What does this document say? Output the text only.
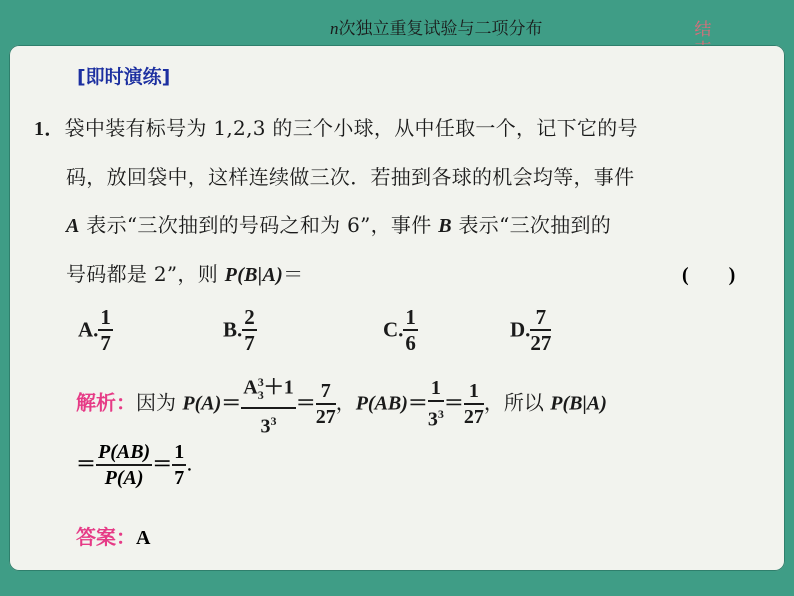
n次独立重复试验与二项分布	结
[即时演练]
1．袋中装有标号为 1,2,3 的三个小球，从中任取一个，记下它的号
码，放回袋中，这样连续做三次．若抽到各球的机会均等，事件
A 表示“三次抽到的号码之和为 6”，事件 B 表示“三次抽到的
号码都是 2”，则 P(B|A)＝	(　　)
A. $\frac{1}{7}$	B. $\frac{2}{7}$	C. $\frac{1}{6}$	D. $\frac{7}{27}$
解析：因为 $P(A)= \frac{A^3_3+1}{3^3} = \frac{7}{27}$ ，$P(AB)= \frac{1}{3^3} = \frac{1}{27}$ ，所以 P(B|A)
＝ $\frac{P(AB)}{P(A)} = \frac{1}{7}$ .
答案：A
